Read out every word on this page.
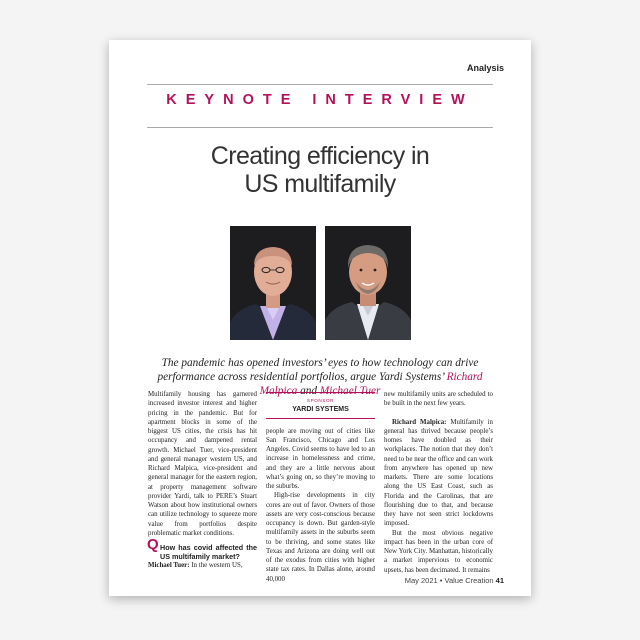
Analysis
KEYNOTE INTERVIEW
Creating efficiency in
US multifamily
The pandemic has opened investors’ eyes to how technology can drive performance across residential portfolios, argue Yardi Systems’ Richard Malpica and Michael Tuer

Multifamily housing has garnered increased investor interest and higher pricing in the pandemic. But for apartment blocks in some of the biggest US cities, the crisis has hit occupancy and dampened rental growth. Michael Tuer, vice-president and general manager western US, and Richard Malpica, vice-president and general manager for the eastern region, at property management software provider Yardi, talk to PERE’s Stuart Watson about how institutional owners can utilize technology to squeeze more value from portfolios despite problematic market conditions.

Q How has covid affected the US multifamily market?

Michael Tuer: In the western US,

SPONSOR
YARDI SYSTEMS

people are moving out of cities like San Francisco, Chicago and Los Angeles. Covid seems to have led to an increase in homelessness and crime, and they are a little nervous about what’s going on, so they’re moving to the suburbs.

High-rise developments in city cores are out of favor. Owners of those assets are very cost-conscious because occupancy is down. But garden-style multifamily assets in the suburbs seem to be thriving, and some states like Texas and Arizona are doing well out of the exodus from cities with higher state tax rates. In Dallas alone, around 40,000

new multifamily units are scheduled to be built in the next few years.

Richard Malpica: Multifamily in general has thrived because people’s homes have doubled as their workplaces. The notion that they don’t need to be near the office and can work from anywhere has opened up new markets. There are some locations along the US East Coast, such as Florida and the Carolinas, that are flourishing due to that, and because they have not seen strict lockdowns imposed.

But the most obvious negative impact has been in the urban core of New York City. Manhattan, historically a market impervious to economic upsets, has been decimated. It remains

May 2021 • Value Creation 41
